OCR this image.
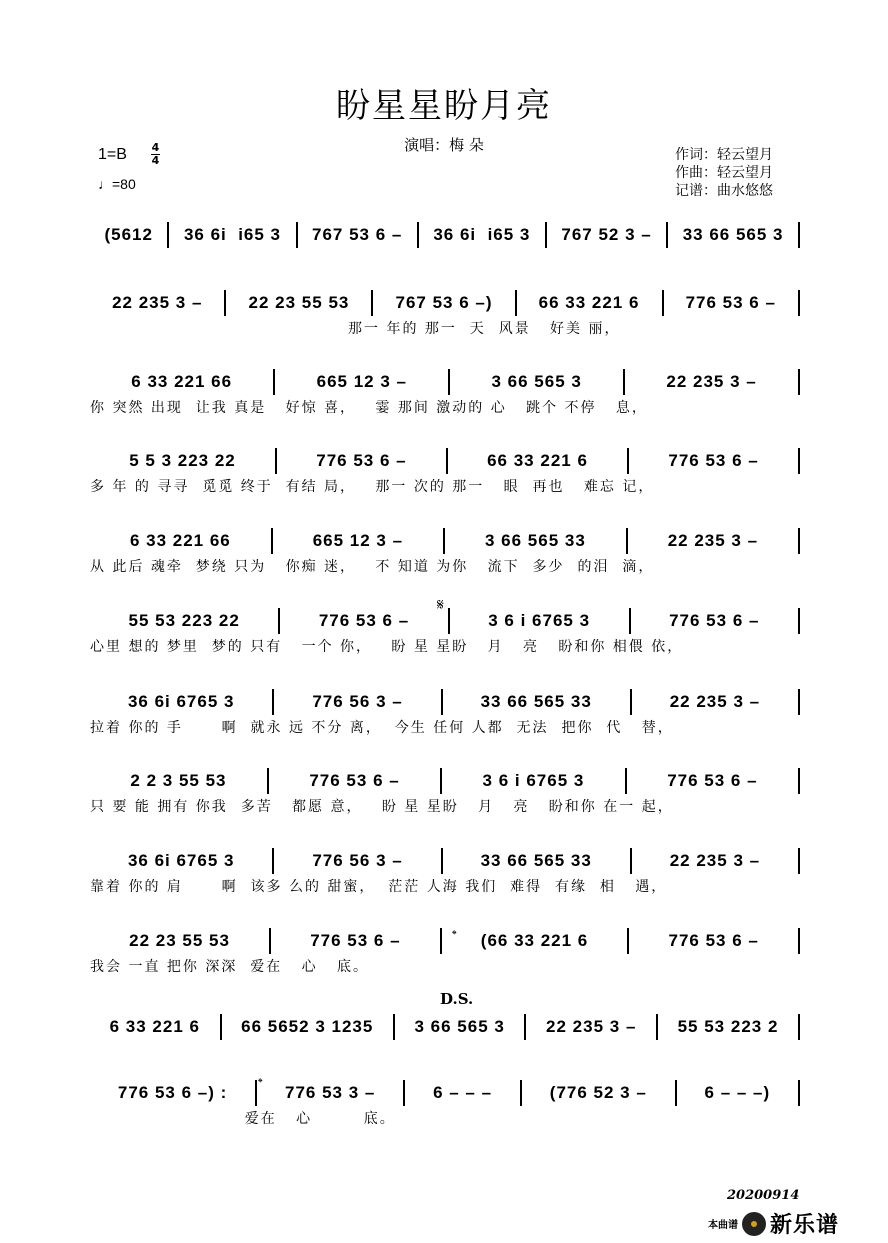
盼星星盼月亮
演唱：梅 朵
1=B 4
4
♩=80
作词：轻云望月
作曲：轻云望月
记谱：曲水悠悠
(5612	36 6i  i65 3	767 53 6 –	36 6i  i65 3	767 52 3 –	33 66 565 3
22 235 3 –	22 23 55 53	767 53 6 –)	66 33 221 6	776 53 6 –
那一 年的 那一  天  风景   好美 丽，
6 33 221 66	665 12 3 –	3 66 565 3	22 235 3 –
你 突然 出现  让我 真是   好惊 喜，   霎 那间 激动的 心   跳个 不停   息，
5 5 3 223 22	776 53 6 –	66 33 221 6	776 53 6 –
多 年 的 寻寻  觅觅 终于  有结 局，   那一 次的 那一   眼  再也   难忘 记，
6 33 221 66	665 12 3 –	3 66 565 33	22 235 3 –
从 此后 魂牵  梦绕 只为   你痴 迷，   不 知道 为你   流下  多少  的泪  滴，
55 53 223 22	776 53 6 –	3 6 i 6765 3	776 53 6 –
心里 想的 梦里  梦的 只有   一个 你，   盼 星 星盼   月   亮   盼和你 相偎 依，
36 6i 6765 3	776 56 3 –	33 66 565 33	22 235 3 –
拉着 你的 手      啊  就永 远 不分 离，  今生 任何 人都  无法  把你  代   替，
2 2 3 55 53	776 53 6 –	3 6 i 6765 3	776 53 6 –
只 要 能 拥有 你我  多苦   都愿 意，   盼 星 星盼   月   亮   盼和你 在一 起，
36 6i 6765 3	776 56 3 –	33 66 565 33	22 235 3 –
靠着 你的 肩      啊  该多 么的 甜蜜，  茫茫 人海 我们  难得  有缘  相   遇，
22 23 55 53	776 53 6 –	(66 33 221 6	776 53 6 –
我会 一直 把你 深深  爱在   心   底。
6 33 221 6	66 5652 3 1235	3 66 565 3	22 235 3 –	55 53 223 2
776 53 6 –) :	776 53 3 –	6 – – –	(776 52 3 –	6 – – –)
爱在   心        底。
𝄋
𝄌
𝄌
D.S.
20200914
本曲谱 新乐谱
